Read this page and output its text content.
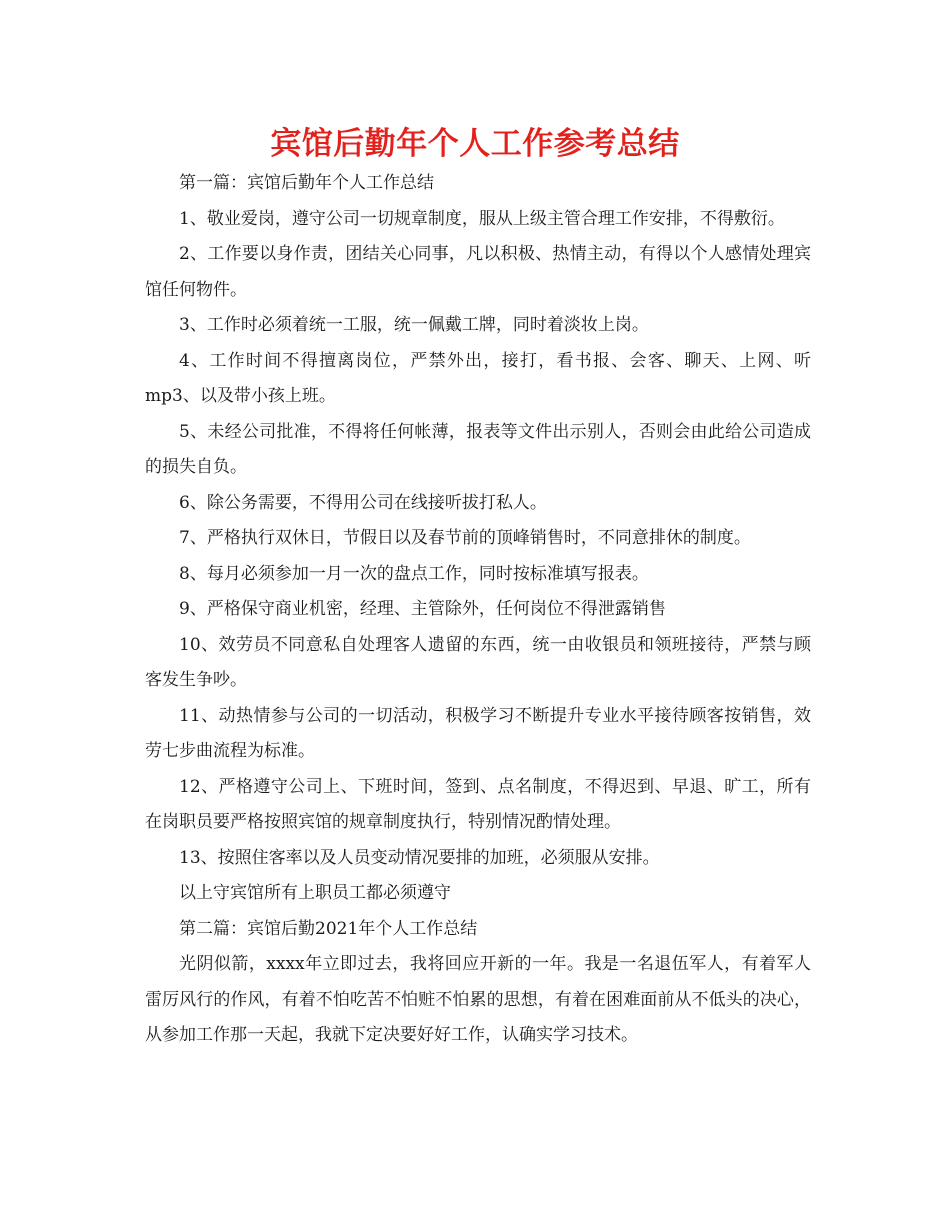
宾馆后勤年个人工作参考总结

第一篇：宾馆后勤年个人工作总结

1、敬业爱岗，遵守公司一切规章制度，服从上级主管合理工作安排，不得敷衍。

2、工作要以身作责，团结关心同事，凡以积极、热情主动，有得以个人感情处理宾馆任何物件。

3、工作时必须着统一工服，统一佩戴工牌，同时着淡妆上岗。

4、工作时间不得擅离岗位，严禁外出，接打，看书报、会客、聊天、上网、听mp3、以及带小孩上班。

5、未经公司批准，不得将任何帐薄，报表等文件出示别人，否则会由此给公司造成的损失自负。

6、除公务需要，不得用公司在线接听拔打私人。

7、严格执行双休日，节假日以及春节前的顶峰销售时，不同意排休的制度。

8、每月必须参加一月一次的盘点工作，同时按标准填写报表。

9、严格保守商业机密，经理、主管除外，任何岗位不得泄露销售

10、效劳员不同意私自处理客人遗留的东西，统一由收银员和领班接待，严禁与顾客发生争吵。

11、动热情参与公司的一切活动，积极学习不断提升专业水平接待顾客按销售，效劳七步曲流程为标准。

12、严格遵守公司上、下班时间，签到、点名制度，不得迟到、早退、旷工，所有在岗职员要严格按照宾馆的规章制度执行，特别情况酌情处理。

13、按照住客率以及人员变动情况要排的加班，必须服从安排。

以上守宾馆所有上职员工都必须遵守

第二篇：宾馆后勤2021年个人工作总结

光阴似箭，xxxx年立即过去，我将回应开新的一年。我是一名退伍军人，有着军人雷厉风行的作风，有着不怕吃苦不怕赃不怕累的思想，有着在困难面前从不低头的决心，从参加工作那一天起，我就下定决要好好工作，认确实学习技术。
